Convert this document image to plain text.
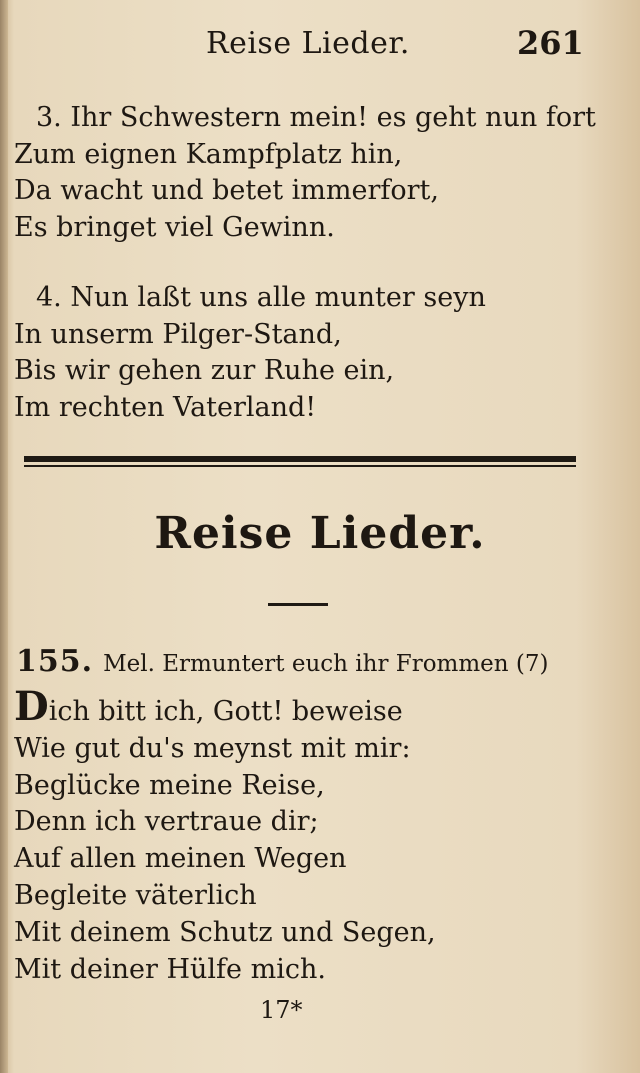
Reise Lieder.	261
3. Ihr Schwestern mein! es geht nun fort
Zum eignen Kampfplatz hin,
Da wacht und betet immerfort,
Es bringet viel Gewinn.
4. Nun laßt uns alle munter seyn
In unserm Pilger-Stand,
Bis wir gehen zur Ruhe ein,
Im rechten Vaterland!
Reise Lieder.
155. Mel. Ermuntert euch ihr Frommen (7)
Dich bitt ich, Gott! beweise
Wie gut du's meynst mit mir:
Beglücke meine Reise,
Denn ich vertraue dir;
Auf allen meinen Wegen
Begleite väterlich
Mit deinem Schutz und Segen,
Mit deiner Hülfe mich.
17*
